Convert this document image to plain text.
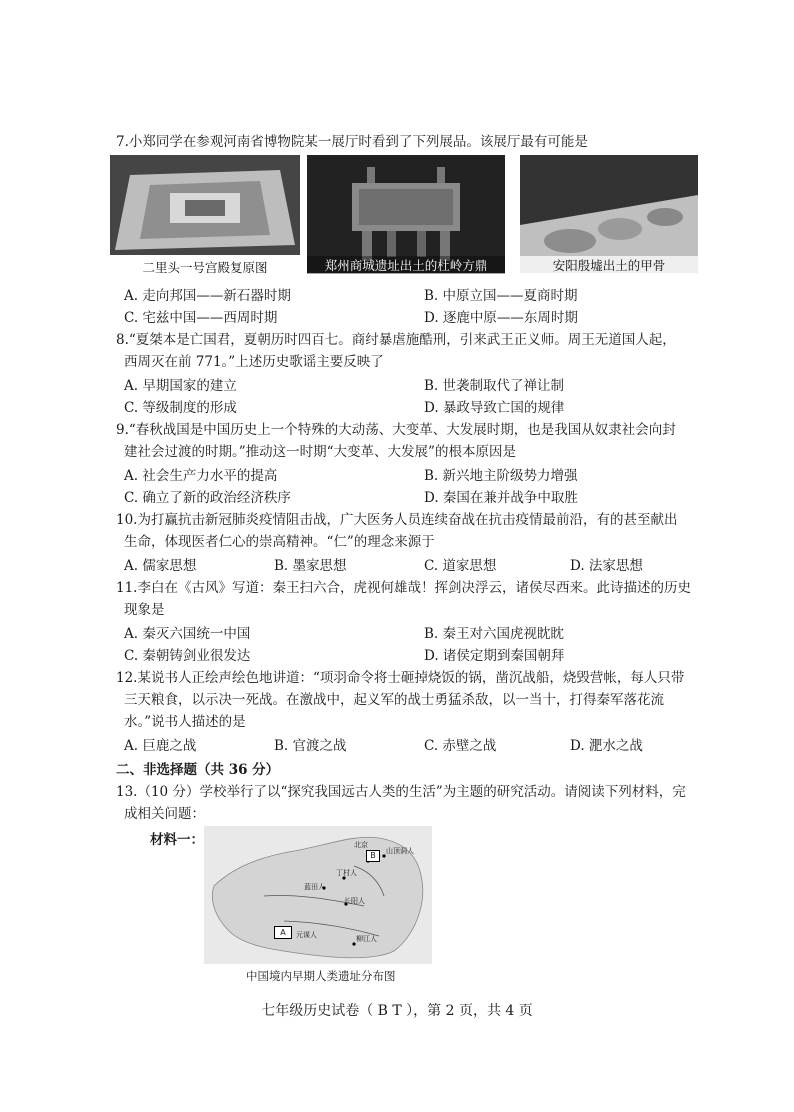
7.小郑同学在参观河南省博物院某一展厅时看到了下列展品。该展厅最有可能是
二里头一号宫殿复原图	郑州商城遗址出土的杜岭方鼎	安阳殷墟出土的甲骨
A. 走向邦国——新石器时期	B. 中原立国——夏商时期
C. 宅兹中国——西周时期	D. 逐鹿中原——东周时期
8.“夏桀本是亡国君，夏朝历时四百七。商纣暴虐施酷刑，引来武王正义师。周王无道国人起，
西周灭在前 771。”上述历史歌谣主要反映了
A. 早期国家的建立	B. 世袭制取代了禅让制
C. 等级制度的形成	D. 暴政导致亡国的规律
9.“春秋战国是中国历史上一个特殊的大动荡、大变革、大发展时期，也是我国从奴隶社会向封
建社会过渡的时期。”推动这一时期“大变革、大发展”的根本原因是
A. 社会生产力水平的提高	B. 新兴地主阶级势力增强
C. 确立了新的政治经济秩序	D. 秦国在兼并战争中取胜
10.为打赢抗击新冠肺炎疫情阻击战，广大医务人员连续奋战在抗击疫情最前沿，有的甚至献出
生命，体现医者仁心的崇高精神。“仁”的理念来源于
A. 儒家思想	B. 墨家思想	C. 道家思想	D. 法家思想
11.李白在《古风》写道：秦王扫六合，虎视何雄哉！挥剑决浮云，诸侯尽西来。此诗描述的历史
现象是
A. 秦灭六国统一中国	B. 秦王对六国虎视眈眈
C. 秦朝铸剑业很发达	D. 诸侯定期到秦国朝拜
12.某说书人正绘声绘色地讲道：“项羽命令将士砸掉烧饭的锅，凿沉战船，烧毁营帐，每人只带
三天粮食，以示决一死战。在激战中，起义军的战士勇猛杀敌，以一当十，打得秦军落花流
水。”说书人描述的是
A. 巨鹿之战	B. 官渡之战	C. 赤壁之战	D. 淝水之战
二、非选择题（共 36 分）
13.（10 分）学校举行了以“探究我国远古人类的生活”为主题的研究活动。请阅读下列材料，完
成相关问题：
材料一：	北京
山顶洞人
丁村人
蓝田人
长阳人
元谋人	柳江人
A
B
中国境内早期人类遗址分布图
七年级历史试卷（ B T ），第 2 页，共 4 页
